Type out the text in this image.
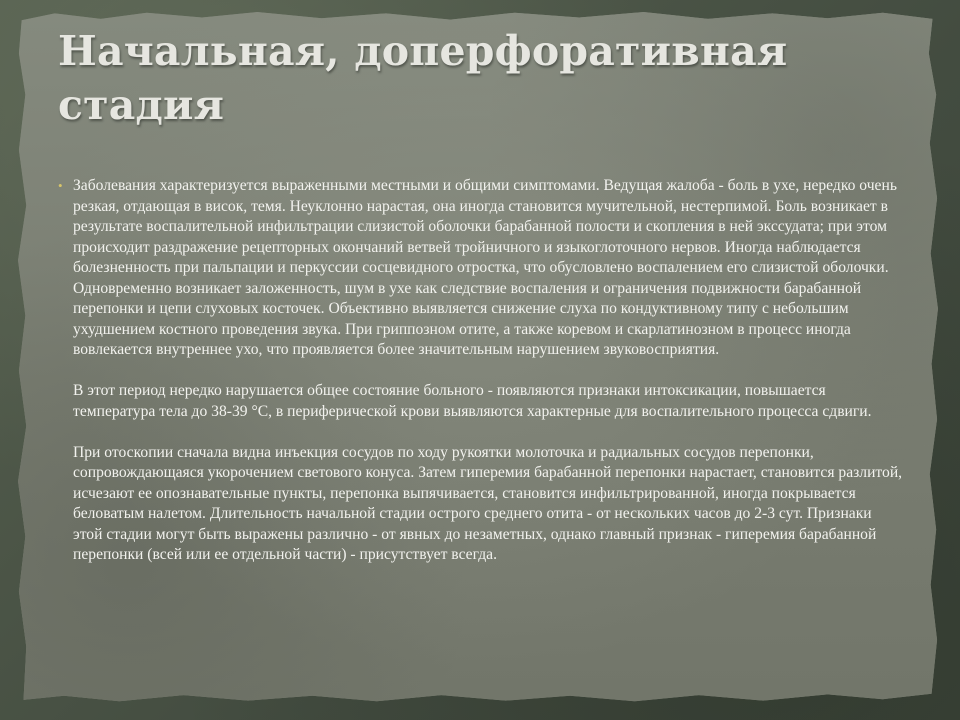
Начальная, доперфоративная стадия
• Заболевания характеризуется выраженными местными и общими симптомами. Ведущая жалоба - боль в ухе, нередко очень резкая, отдающая в висок, темя. Неуклонно нарастая, она иногда становится мучительной, нестерпимой. Боль возникает в результате воспалительной инфильтрации слизистой оболочки барабанной полости и скопления в ней экссудата; при этом происходит раздражение рецепторных окончаний ветвей тройничного и языкоглоточного нервов. Иногда наблюдается болезненность при пальпации и перкуссии сосцевидного отростка, что обусловлено воспалением его слизистой оболочки. Одновременно возникает заложенность, шум в ухе как следствие воспаления и ограничения подвижности барабанной перепонки и цепи слуховых косточек. Объективно выявляется снижение слуха по кондуктивному типу с небольшим ухудшением костного проведения звука. При гриппозном отите, а также коревом и скарлатинозном в процесс иногда вовлекается внутреннее ухо, что проявляется более значительным нарушением звуковосприятия.

В этот период нередко нарушается общее состояние больного - появляются признаки интоксикации, повышается температура тела до 38-39 °С, в периферической крови выявляются характерные для воспалительного процесса сдвиги.

При отоскопии сначала видна инъекция сосудов по ходу рукоятки молоточка и радиальных сосудов перепонки, сопровождающаяся укорочением светового конуса. Затем гиперемия барабанной перепонки нарастает, становится разлитой, исчезают ее опознавательные пункты, перепонка выпячивается, становится инфильтрированной, иногда покрывается беловатым налетом. Длительность начальной стадии острого среднего отита - от нескольких часов до 2-3 сут. Признаки этой стадии могут быть выражены различно - от явных до незаметных, однако главный признак - гиперемия барабанной перепонки (всей или ее отдельной части) - присутствует всегда.
